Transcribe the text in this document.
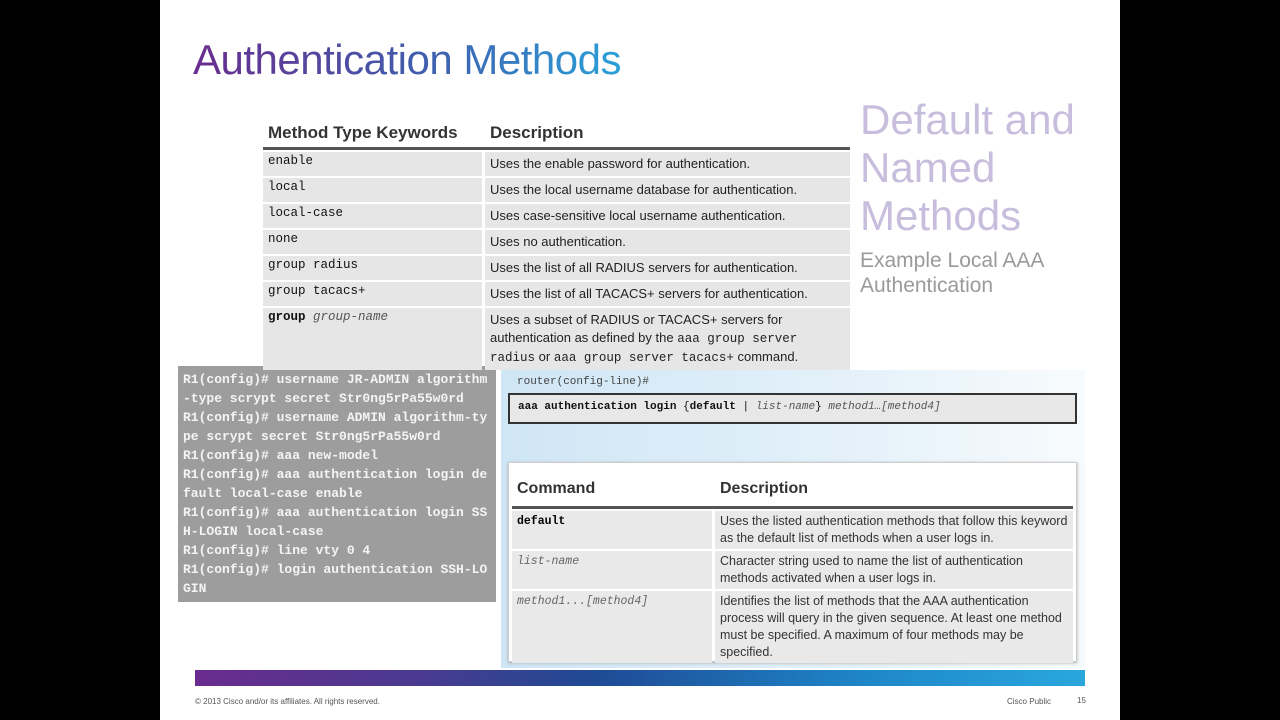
Authentication Methods
Default and Named Methods
Example Local AAA Authentication
R1(config)# username JR-ADMIN algorithm-type scrypt secret Str0ng5rPa55w0rd
R1(config)# username ADMIN algorithm-type scrypt secret Str0ng5rPa55w0rd
R1(config)# aaa new-model
R1(config)# aaa authentication login default local-case enable
R1(config)# aaa authentication login SSH-LOGIN local-case
R1(config)# line vty 0 4
R1(config)# login authentication SSH-LOGIN
Method Type Keywords	Description
enable	Uses the enable password for authentication.
local	Uses the local username database for authentication.
local-case	Uses case-sensitive local username authentication.
none	Uses no authentication.
group radius	Uses the list of all RADIUS servers for authentication.
group tacacs+	Uses the list of all TACACS+ servers for authentication.
group group-name	Uses a subset of RADIUS or TACACS+ servers for authentication as defined by the aaa group server radius or aaa group server tacacs+ command.
router(config-line)#
aaa authentication login {default | list-name} method1…[method4]
Command	Description
default	Uses the listed authentication methods that follow this keyword as the default list of methods when a user logs in.
list-name	Character string used to name the list of authentication methods activated when a user logs in.
method1...[method4]	Identifies the list of methods that the AAA authentication process will query in the given sequence. At least one method must be specified. A maximum of four methods may be specified.
© 2013 Cisco and/or its affiliates. All rights reserved.	Cisco Public	15
